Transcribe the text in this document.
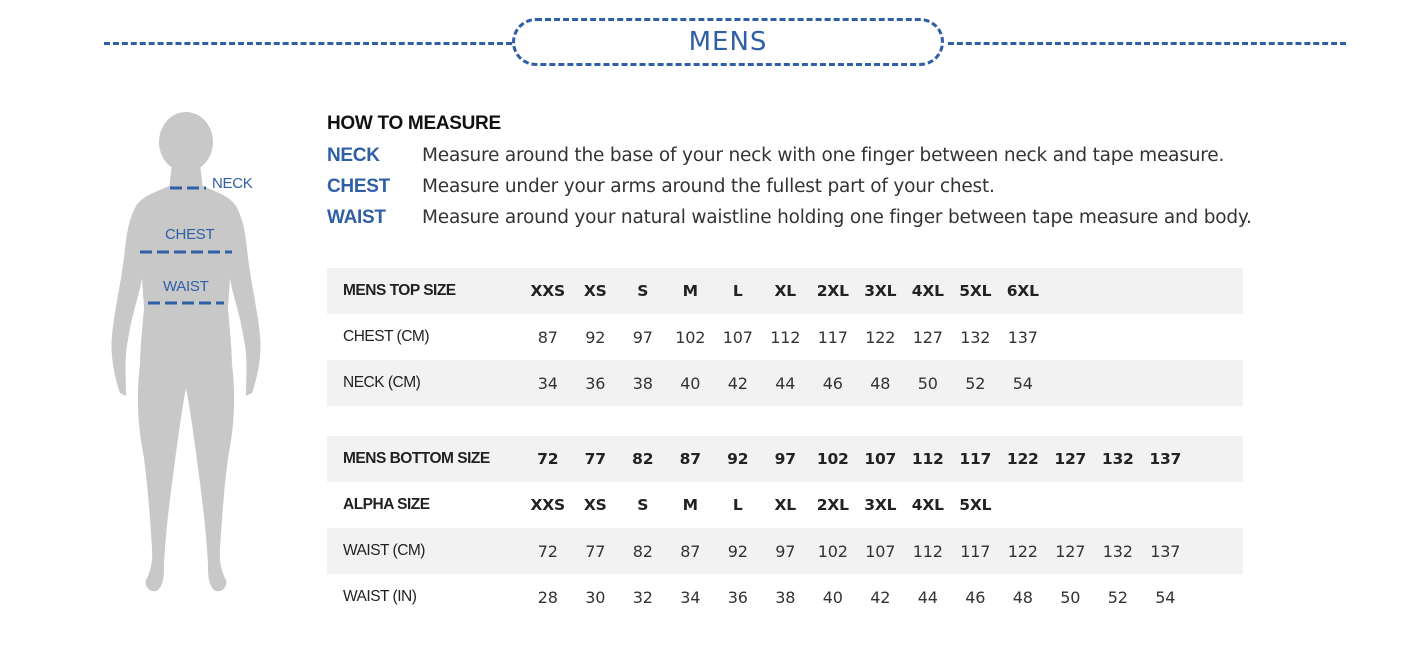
MENS
NECK
CHEST
WAIST
HOW TO MEASURE
NECK	Measure around the base of your neck with one finger between neck and tape measure.
CHEST	Measure under your arms around the fullest part of your chest.
WAIST	Measure around your natural waistline holding one finger between tape measure and body.
MENS TOP SIZE	XXS	XS	S	M	L	XL	2XL 3XL 4XL 5XL 6XL
CHEST (CM)	87	92	97	102	107	112	117	122	127	132	137
NECK (CM)	34	36	38	40	42	44	46	48	50	52	54
MENS BOTTOM SIZE	72	77	82	87	92	97	102	107	112	117	122	127	132	137
ALPHA SIZE	XXS	XS	S	M	L	XL	2XL 3XL 4XL 5XL
WAIST (CM)	72	77	82	87	92	97	102	107	112	117	122	127	132	137
WAIST (IN)	28	30	32	34	36	38	40	42	44	46	48	50	52	54
